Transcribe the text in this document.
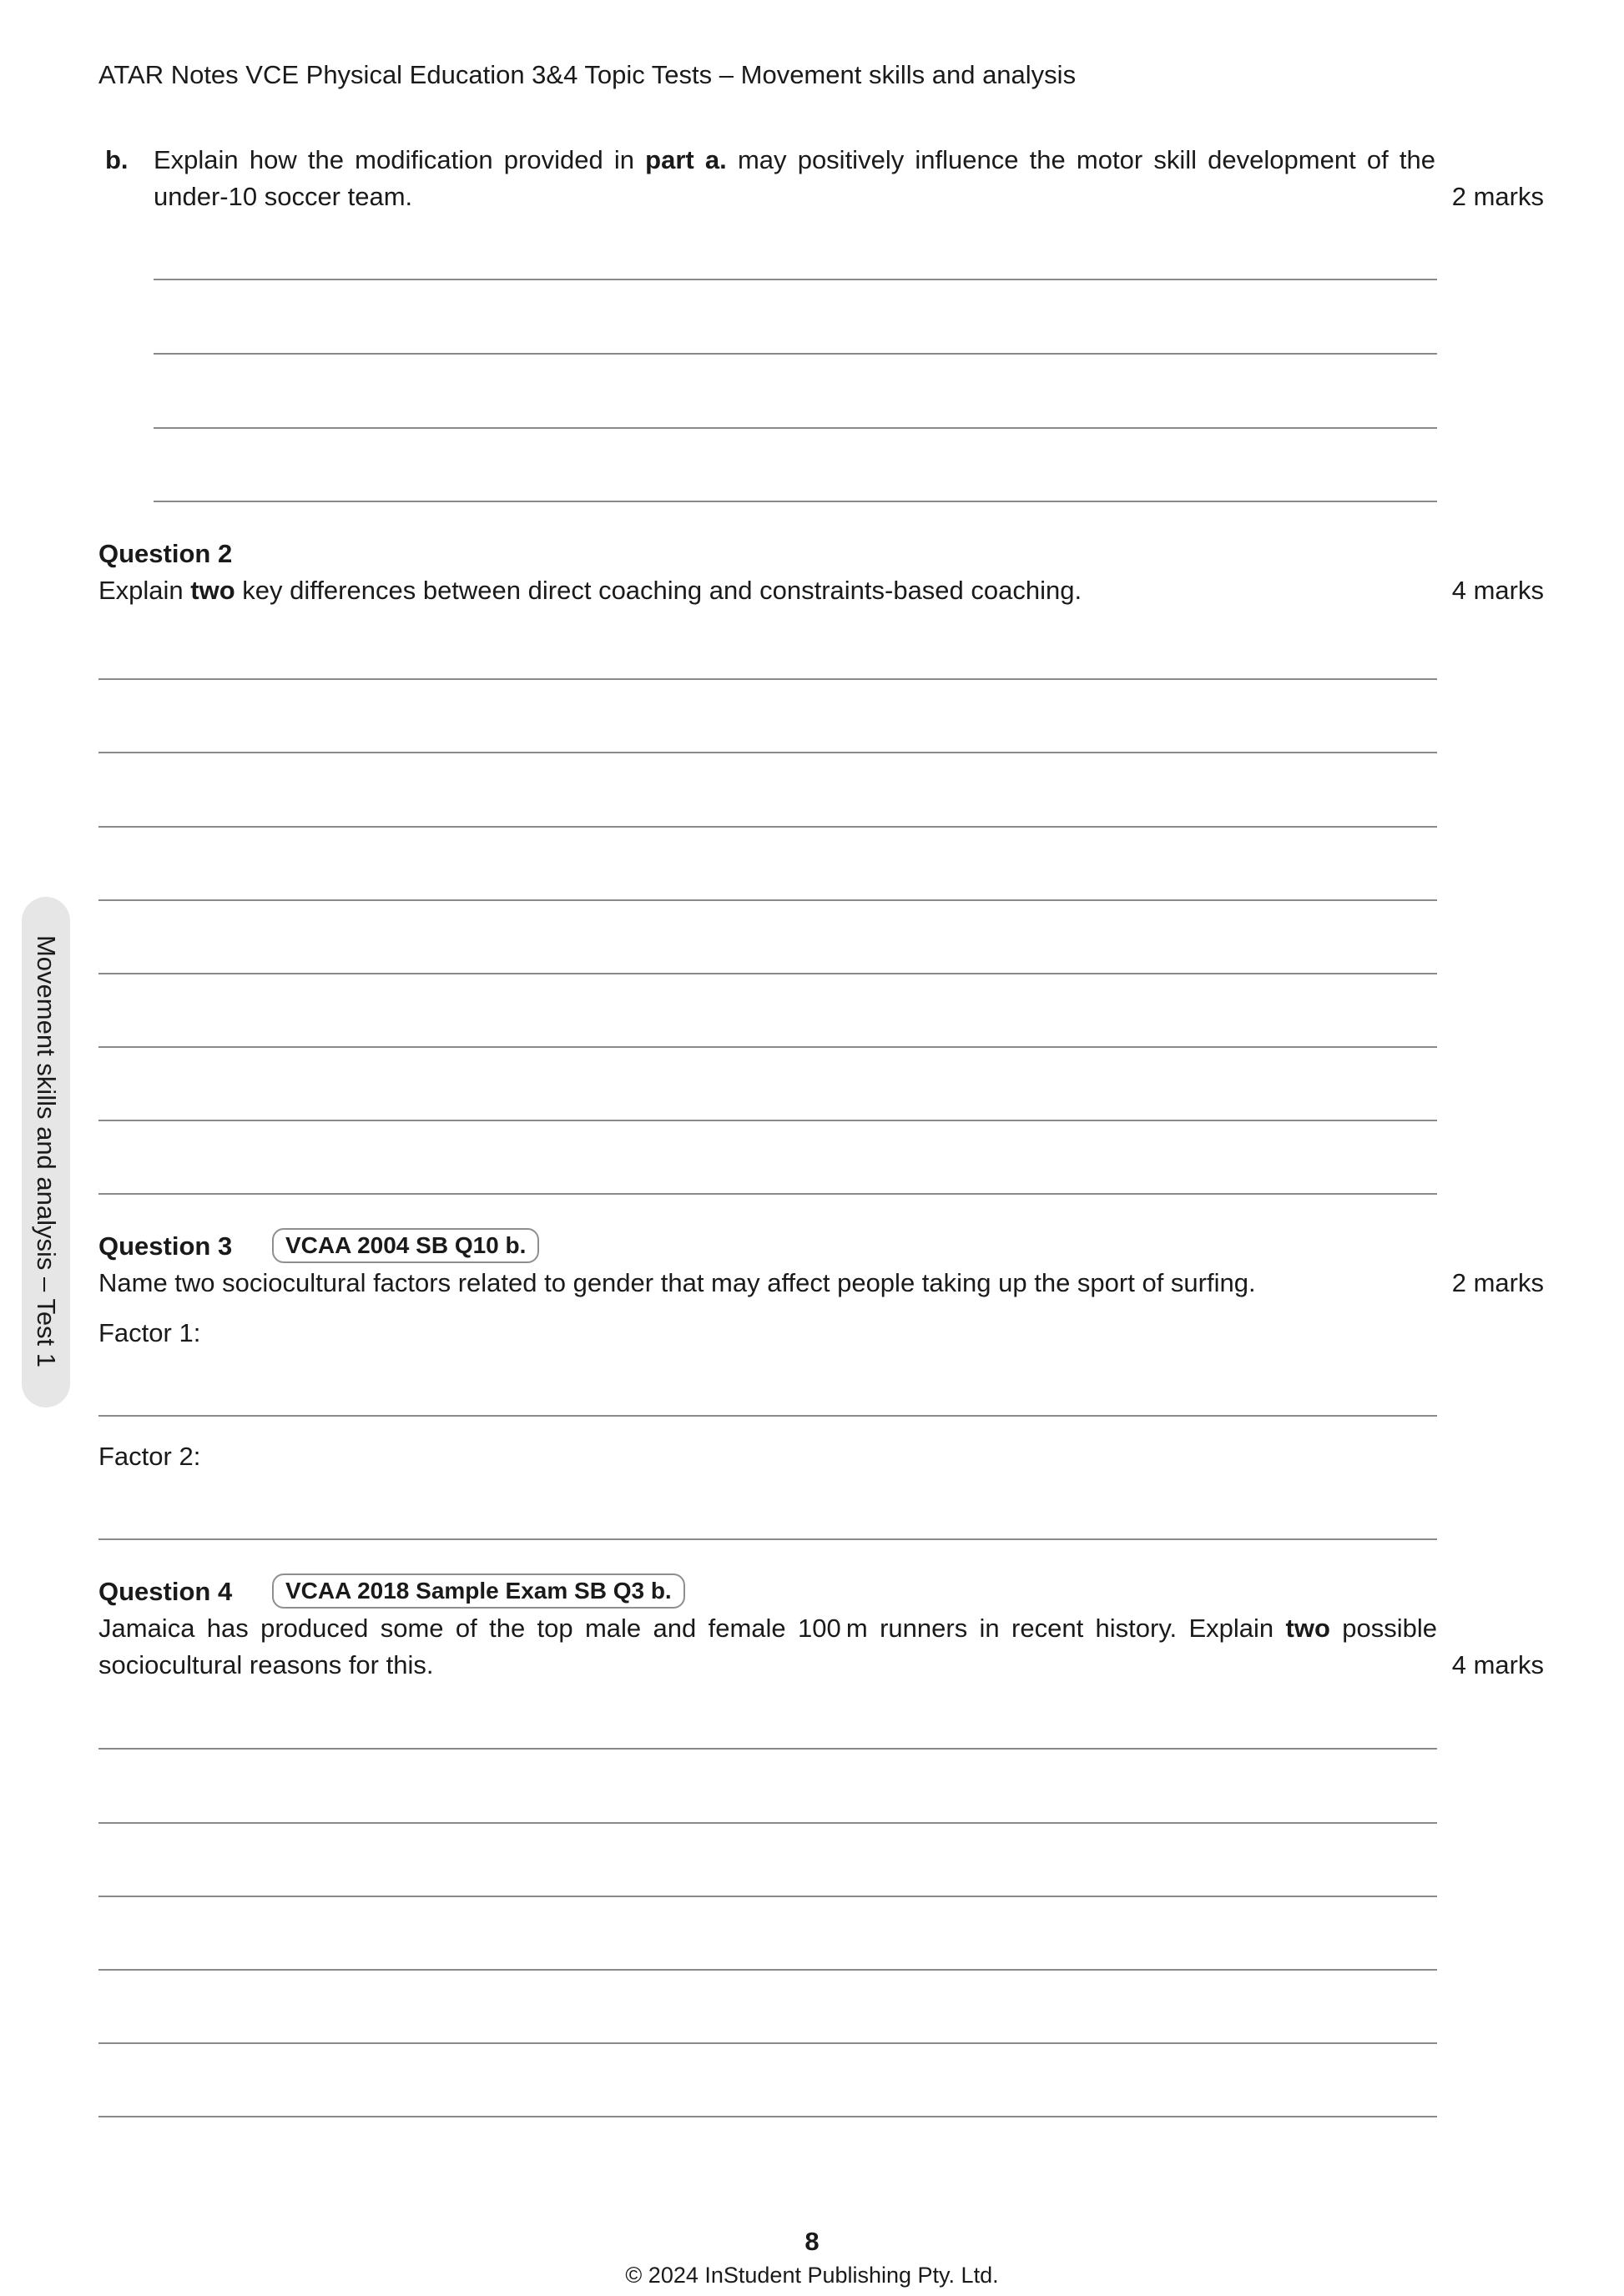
ATAR Notes VCE Physical Education 3&4 Topic Tests – Movement skills and analysis
Movement skills and analysis – Test 1
b. Explain how the modification provided in part a. may positively influence the motor skill development of the under-10 soccer team.	2 marks
Question 2
Explain two key differences between direct coaching and constraints-based coaching.	4 marks
Question 3	VCAA 2004 SB Q10 b.
Name two sociocultural factors related to gender that may affect people taking up the sport of surfing.	2 marks
Factor 1:
Factor 2:
Question 4	VCAA 2018 Sample Exam SB Q3 b.
Jamaica has produced some of the top male and female 100 m runners in recent history. Explain two possible sociocultural reasons for this.	4 marks
8
© 2024 InStudent Publishing Pty. Ltd.
